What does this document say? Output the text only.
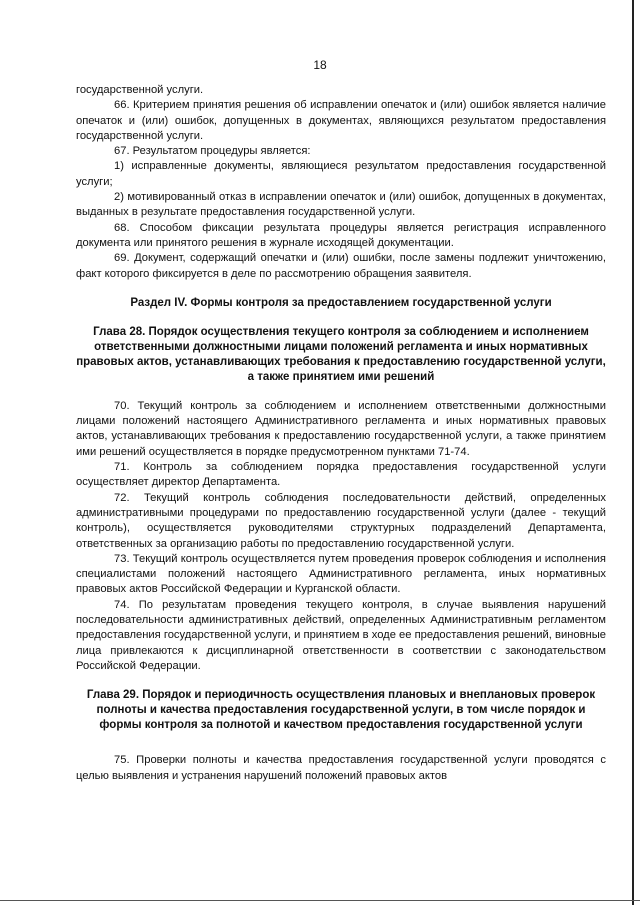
18

государственной услуги.

66. Критерием принятия решения об исправлении опечаток и (или) ошибок является наличие опечаток и (или) ошибок, допущенных в документах, являющихся результатом предоставления государственной услуги.

67. Результатом процедуры является:

1) исправленные документы, являющиеся результатом предоставления государственной услуги;

2) мотивированный отказ в исправлении опечаток и (или) ошибок, допущенных в документах, выданных в результате предоставления государственной услуги.

68. Способом фиксации результата процедуры является регистрация исправленного документа или принятого решения в журнале исходящей документации.

69. Документ, содержащий опечатки и (или) ошибки, после замены подлежит уничтожению, факт которого фиксируется в деле по рассмотрению обращения заявителя.

Раздел IV. Формы контроля за предоставлением государственной услуги
Глава 28. Порядок осуществления текущего контроля за соблюдением и исполнением ответственными должностными лицами положений регламента и иных нормативных правовых актов, устанавливающих требования к предоставлению государственной услуги, а также принятием ими решений

70. Текущий контроль за соблюдением и исполнением ответственными должностными лицами положений настоящего Административного регламента и иных нормативных правовых актов, устанавливающих требования к предоставлению государственной услуги, а также принятием ими решений осуществляется в порядке предусмотренном пунктами 71-74.

71. Контроль за соблюдением порядка предоставления государственной услуги осуществляет директор Департамента.

72. Текущий контроль соблюдения последовательности действий, определенных административными процедурами по предоставлению государственной услуги (далее - текущий контроль), осуществляется руководителями структурных подразделений Департамента, ответственных за организацию работы по предоставлению государственной услуги.

73. Текущий контроль осуществляется путем проведения проверок соблюдения и исполнения специалистами положений настоящего Административного регламента, иных нормативных правовых актов Российской Федерации и Курганской области.

74. По результатам проведения текущего контроля, в случае выявления нарушений последовательности административных действий, определенных Административным регламентом предоставления государственной услуги, и принятием в ходе ее предоставления решений, виновные лица привлекаются к дисциплинарной ответственности в соответствии с законодательством Российской Федерации.

Глава 29. Порядок и периодичность осуществления плановых и внеплановых проверок полноты и качества предоставления государственной услуги, в том числе порядок и формы контроля за полнотой и качеством предоставления государственной услуги

75. Проверки полноты и качества предоставления государственной услуги проводятся с целью выявления и устранения нарушений положений правовых актов
